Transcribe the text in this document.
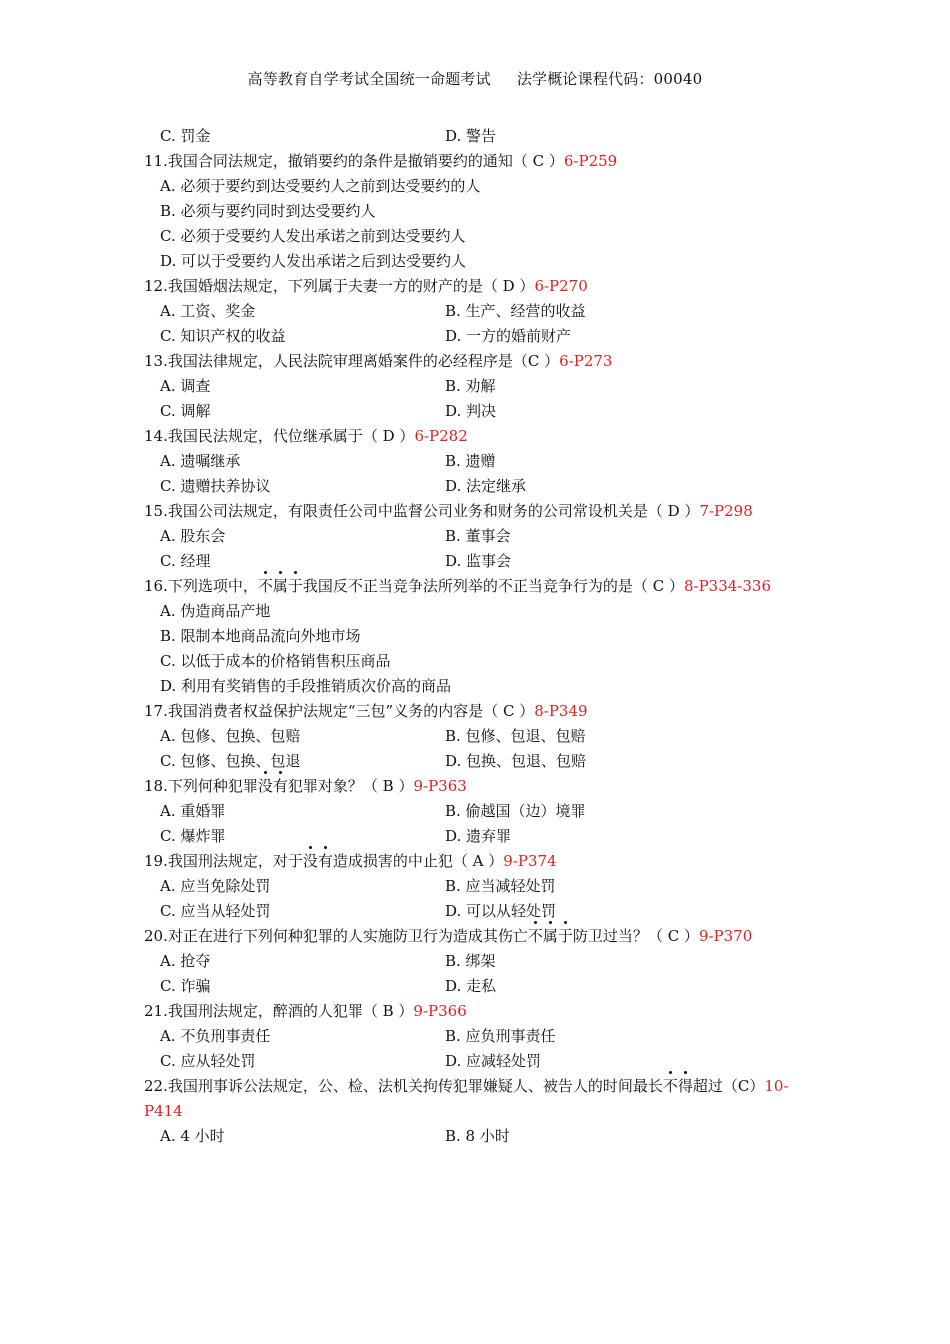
高等教育自学考试全国统一命题考试 法学概论课程代码：00040
C. 罚金	D. 警告
11.我国合同法规定，撤销要约的条件是撤销要约的通知（ C ）6-P259
A. 必须于要约到达受要约人之前到达受要约的人
B. 必须与要约同时到达受要约人
C. 必须于受要约人发出承诺之前到达受要约人
D. 可以于受要约人发出承诺之后到达受要约人
12.我国婚烟法规定，下列属于夫妻一方的财产的是（ D ）6-P270
A. 工资、奖金	B. 生产、经营的收益
C. 知识产权的收益	D. 一方的婚前财产
13.我国法律规定，人民法院审理离婚案件的必经程序是（C ）6-P273
A. 调查	B. 劝解
C. 调解	D. 判决
14.我国民法规定，代位继承属于（ D ）6-P282
A. 遗嘱继承	B. 遗赠
C. 遗赠扶养协议	D. 法定继承
15.我国公司法规定，有限责任公司中监督公司业务和财务的公司常设机关是（ D ）7-P298
A. 股东会	B. 董事会
C. 经理	D. 监事会
16.下列选项中，不属于我国反不正当竞争法所列举的不正当竞争行为的是（ C ）8-P334-336
A. 伪造商品产地
B. 限制本地商品流向外地市场
C. 以低于成本的价格销售积压商品
D. 利用有奖销售的手段推销质次价高的商品
17.我国消费者权益保护法规定“三包”义务的内容是（ C ）8-P349
A. 包修、包换、包赔	B. 包修、包退、包赔
C. 包修、包换、包退	D. 包换、包退、包赔
18.下列何种犯罪没有犯罪对象？（ B ）9-P363
A. 重婚罪	B. 偷越国（边）境罪
C. 爆炸罪	D. 遗弃罪
19.我国刑法规定，对于没有造成损害的中止犯（ A ）9-P374
A. 应当免除处罚	B. 应当减轻处罚
C. 应当从轻处罚	D. 可以从轻处罚
20.对正在进行下列何种犯罪的人实施防卫行为造成其伤亡不属于防卫过当？（ C ）9-P370
A. 抢夺	B. 绑架
C. 诈骗	D. 走私
21.我国刑法规定，醉酒的人犯罪（ B ）9-P366
A. 不负刑事责任	B. 应负刑事责任
C. 应从轻处罚	D. 应减轻处罚
22.我国刑事诉公法规定，公、检、法机关拘传犯罪嫌疑人、被告人的时间最长不得超过（C）10-P414
A. 4 小时	B. 8 小时
